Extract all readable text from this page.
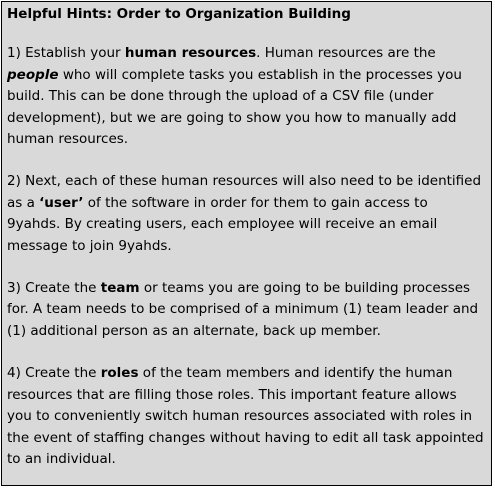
Helpful Hints: Order to Organization Building
1) Establish your human resources. Human resources are the people who will complete tasks you establish in the processes you build. This can be done through the upload of a CSV file (under development), but we are going to show you how to manually add human resources.
2) Next, each of these human resources will also need to be identified as a ‘user’ of the software in order for them to gain access to 9yahds. By creating users, each employee will receive an email message to join 9yahds.
3) Create the team or teams you are going to be building processes for. A team needs to be comprised of a minimum (1) team leader and (1) additional person as an alternate, back up member.
4) Create the roles of the team members and identify the human resources that are filling those roles. This important feature allows you to conveniently switch human resources associated with roles in the event of staffing changes without having to edit all task appointed to an individual.
